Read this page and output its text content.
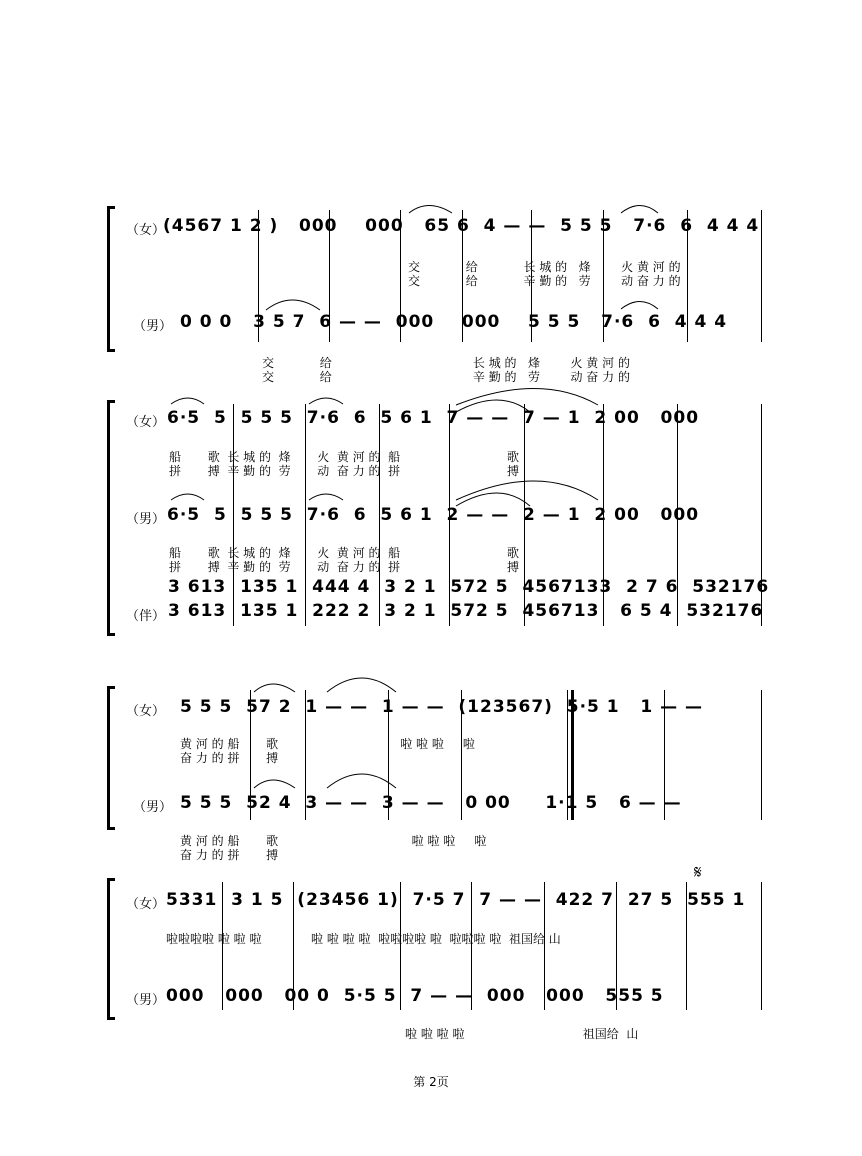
（女）
(4567 1 2 )   000    000   65 6  4 — —  5 5 5   7·6  6  4 4 4
交            给            长 城 的   烽        火 黄 河 的
交            给            辛 勤 的   劳        动 奋 力 的
（男） 0 0 0   3 5 7  6 — —  000    000    5 5 5   7·6  6  4 4 4
交            给                                     长 城 的   烽        火 黄 河 的
交            给                                     辛 勤 的   劳        动 奋 力 的
（女） 6·5  5  5 5 5  7·6  6  5 6 1  7 — —  7 — 1  2 00   000
船       歌  长 城 的  烽       火  黄 河 的  船                            歌
拼       搏  辛 勤 的  劳       动  奋 力 的  拼                            搏
（男） 6·5  5  5 5 5  7·6  6  5 6 1  2 — —  2 — 1  2 00   000
船       歌  长 城 的  烽       火  黄 河 的  船                            歌
拼       搏  辛 勤 的  劳       动  奋 力 的  拼                            搏
3 613  135 1  444 4  3 2 1  572 5  4567133  2 7 6  532176
（伴） 3 613  135 1  222 2  3 2 1  572 5  456713   6 5 4  532176
（女） 5 5 5  57 2  1 — —  1 — —  (123567)  5·5 1   1 — —
黄 河 的 船       歌                                啦 啦 啦     啦
奋 力 的 拼       搏
（男） 5 5 5  52 4  3 — —  3 — —   0 00     1·1 5   6 — —
黄 河 的 船       歌                                   啦 啦 啦     啦
奋 力 的 拼       搏
𝄋
（女） 5331  3 1 5  (23456 1)  7·5 7  7 — —  422 7  27 5  555 1
啦啦啦啦 啦 啦 啦             啦 啦 啦 啦  啦啦啦啦 啦  啦啦啦 啦  祖国给 山
（男） 000   000   00 0  5·5 5  7 — —  000   000   555 5
啦 啦 啦 啦                               祖国给  山
第 2页
